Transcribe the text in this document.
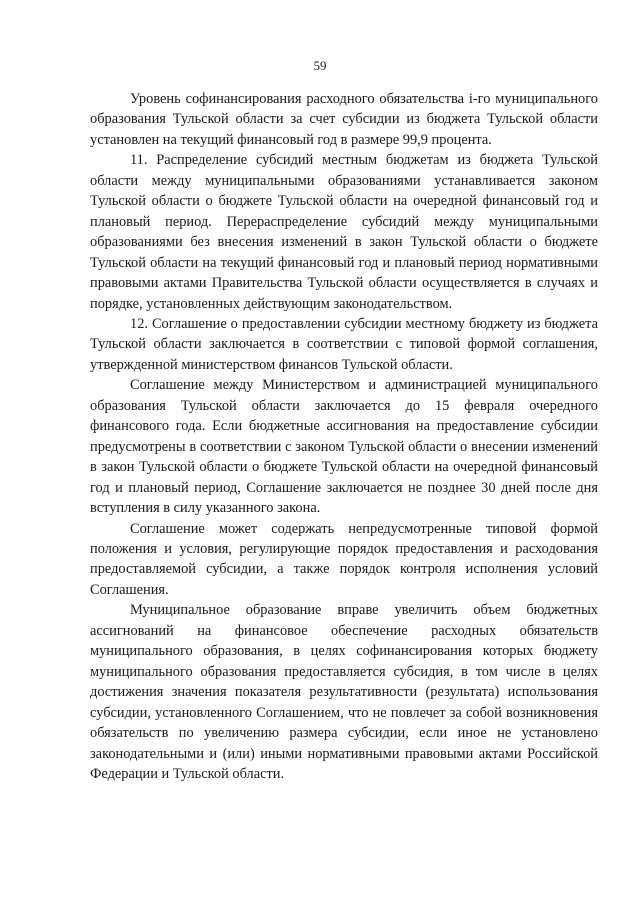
59

Уровень софинансирования расходного обязательства i-го муниципального образования Тульской области за счет субсидии из бюджета Тульской области установлен на текущий финансовый год в размере 99,9 процента.

11. Распределение субсидий местным бюджетам из бюджета Тульской области между муниципальными образованиями устанавливается законом Тульской области о бюджете Тульской области на очередной финансовый год и плановый период. Перераспределение субсидий между муниципальными образованиями без внесения изменений в закон Тульской области о бюджете Тульской области на текущий финансовый год и плановый период нормативными правовыми актами Правительства Тульской области осуществляется в случаях и порядке, установленных действующим законодательством.

12. Соглашение о предоставлении субсидии местному бюджету из бюджета Тульской области заключается в соответствии с типовой формой соглашения, утвержденной министерством финансов Тульской области.

Соглашение между Министерством и администрацией муниципального образования Тульской области заключается до 15 февраля очередного финансового года. Если бюджетные ассигнования на предоставление субсидии предусмотрены в соответствии с законом Тульской области о внесении изменений в закон Тульской области о бюджете Тульской области на очередной финансовый год и плановый период, Соглашение заключается не позднее 30 дней после дня вступления в силу указанного закона.

Соглашение может содержать непредусмотренные типовой формой положения и условия, регулирующие порядок предоставления и расходования предоставляемой субсидии, а также порядок контроля исполнения условий Соглашения.

Муниципальное образование вправе увеличить объем бюджетных ассигнований на финансовое обеспечение расходных обязательств муниципального образования, в целях софинансирования которых бюджету муниципального образования предоставляется субсидия, в том числе в целях достижения значения показателя результативности (результата) использования субсидии, установленного Соглашением, что не повлечет за собой возникновения обязательств по увеличению размера субсидии, если иное не установлено законодательными и (или) иными нормативными правовыми актами Российской Федерации и Тульской области.
